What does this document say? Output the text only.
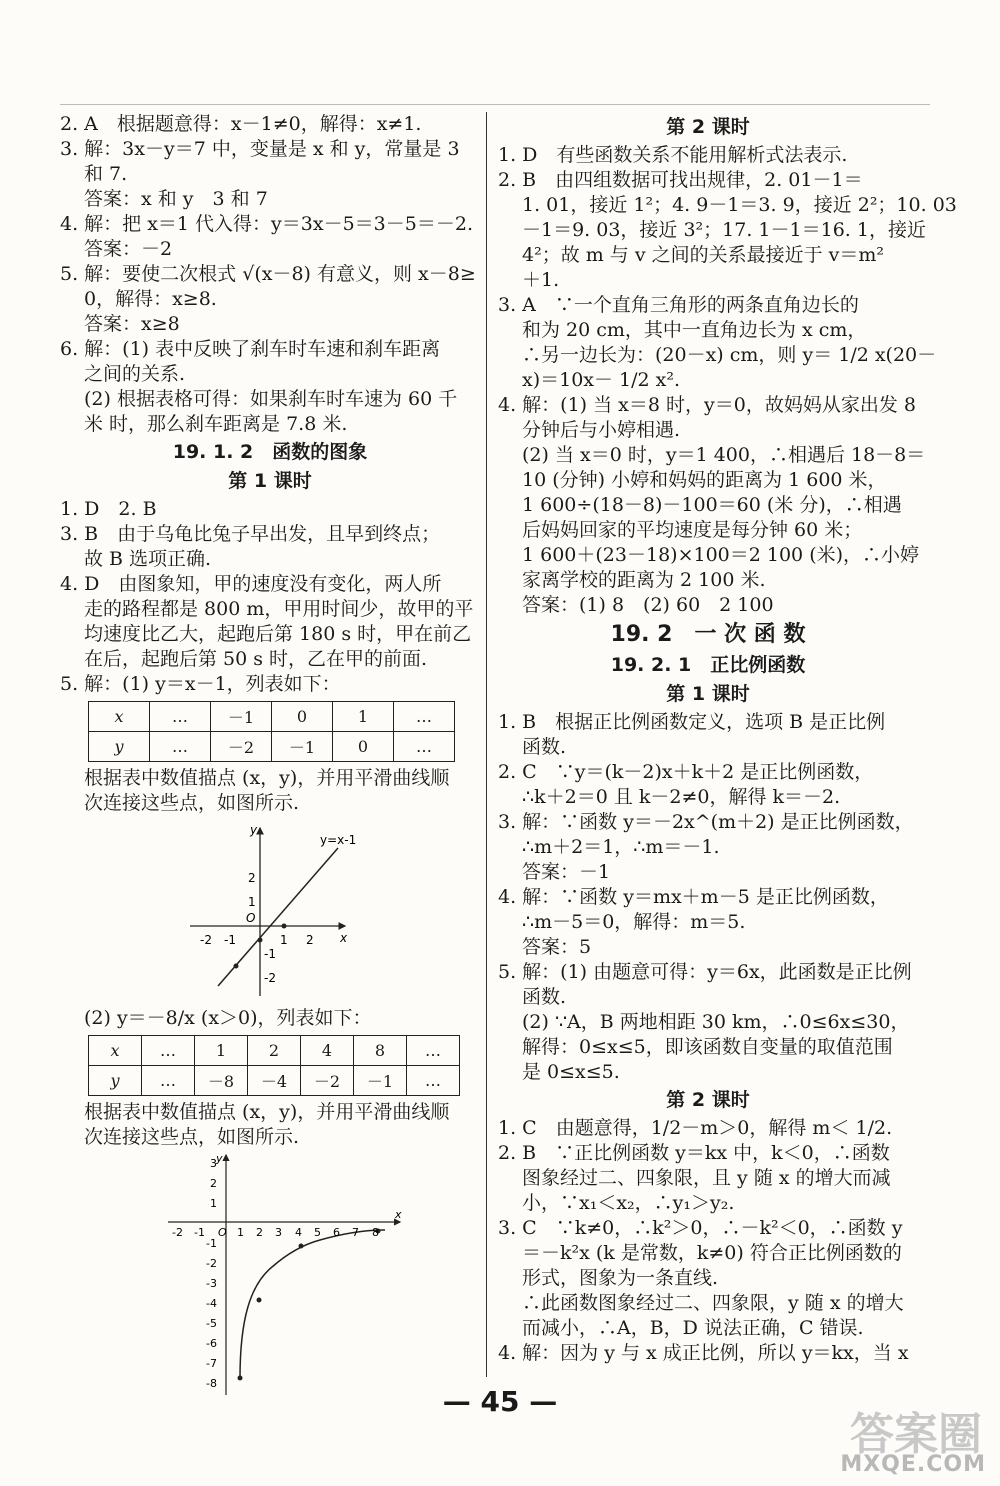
2. A　根据题意得：x－1≠0，解得：x≠1.

3. 解：3x－y＝7 中，变量是 x 和 y，常量是 3

和 7.

答案：x 和 y　3 和 7

4. 解：把 x＝1 代入得：y＝3x－5＝3－5＝－2.

答案：－2

5. 解：要使二次根式 √(x－8) 有意义，则 x－8≥

0，解得：x≥8.

答案：x≥8

6. 解：(1) 表中反映了刹车时车速和刹车距离

之间的关系.

(2) 根据表格可得：如果刹车时车速为 60 千

米 时，那么刹车距离是 7.8 米.

19. 1. 2　函数的图象
第 1 课时

1. D　2. B

3. B　由于乌龟比兔子早出发，且早到终点；

故 B 选项正确.

4. D　由图象知，甲的速度没有变化，两人所

走的路程都是 800 m，甲用时间少，故甲的平

均速度比乙大，起跑后第 180 s 时，甲在前乙

在后，起跑后第 50 s 时，乙在甲的前面.

5. 解：(1) y＝x－1，列表如下：

x	…	－1	0	1	…
y	…	－2	－1	0	…

根据表中数值描点 (x，y)，并用平滑曲线顺

次连接这些点，如图所示.

y=x-1
x
y
O
-2 -1	1 2
2
1
-1
-2

(2) y＝－8/x (x＞0)，列表如下：

x	…	1	2	4	8	…
y	…	－8	－4	－2	－1	…

根据表中数值描点 (x，y)，并用平滑曲线顺

次连接这些点，如图所示.

x
y
O
-2 -1	1 2 3 4 5 6 7 8
3
2
1
-1
-2
-3
-4
-5
-6
-7
-8
第 2 课时

1. D　有些函数关系不能用解析式法表示.

2. B　由四组数据可找出规律，2. 01－1＝

1. 01，接近 1²；4. 9－1＝3. 9，接近 2²；10. 03

－1＝9. 03，接近 3²；17. 1－1＝16. 1，接近

4²；故 m 与 v 之间的关系最接近于 v＝m²

＋1.

3. A　∵一个直角三角形的两条直角边长的

和为 20 cm，其中一直角边长为 x cm，

∴另一边长为：(20－x) cm，则 y＝ 1/2 x(20－

x)＝10x－ 1/2 x².

4. 解：(1) 当 x＝8 时，y＝0，故妈妈从家出发 8

分钟后与小婷相遇.

(2) 当 x＝0 时，y＝1 400，∴相遇后 18－8＝

10 (分钟) 小婷和妈妈的距离为 1 600 米，

1 600÷(18－8)－100＝60 (米 分)，∴相遇

后妈妈回家的平均速度是每分钟 60 米；

1 600＋(23－18)×100＝2 100 (米)，∴小婷

家离学校的距离为 2 100 米.

答案：(1) 8　(2) 60　2 100

19. 2　一 次 函 数
19. 2. 1　正比例函数
第 1 课时

1. B　根据正比例函数定义，选项 B 是正比例

函数.

2. C　∵y＝(k－2)x＋k＋2 是正比例函数，

∴k＋2＝0 且 k－2≠0，解得 k＝－2.

3. 解：∵函数 y＝－2x^(m＋2) 是正比例函数，

∴m＋2＝1，∴m＝－1.

答案：－1

4. 解：∵函数 y＝mx＋m－5 是正比例函数，

∴m－5＝0，解得：m＝5.

答案：5

5. 解：(1) 由题意可得：y＝6x，此函数是正比例

函数.

(2) ∵A，B 两地相距 30 km，∴0≤6x≤30，

解得：0≤x≤5，即该函数自变量的取值范围

是 0≤x≤5.

第 2 课时

1. C　由题意得，1/2－m＞0，解得 m＜ 1/2.

2. B　∵正比例函数 y＝kx 中，k＜0，∴函数

图象经过二、四象限，且 y 随 x 的增大而减

小，∵x₁＜x₂，∴y₁＞y₂.

3. C　∵k≠0，∴k²＞0，∴－k²＜0，∴函数 y

＝－k²x (k 是常数，k≠0) 符合正比例函数的

形式，图象为一条直线.

∴此函数图象经过二、四象限，y 随 x 的增大

而减小，∴A，B，D 说法正确，C 错误.

4. 解：因为 y 与 x 成正比例，所以 y＝kx，当 x

— 45 —
答案圈
MXQE.COM
